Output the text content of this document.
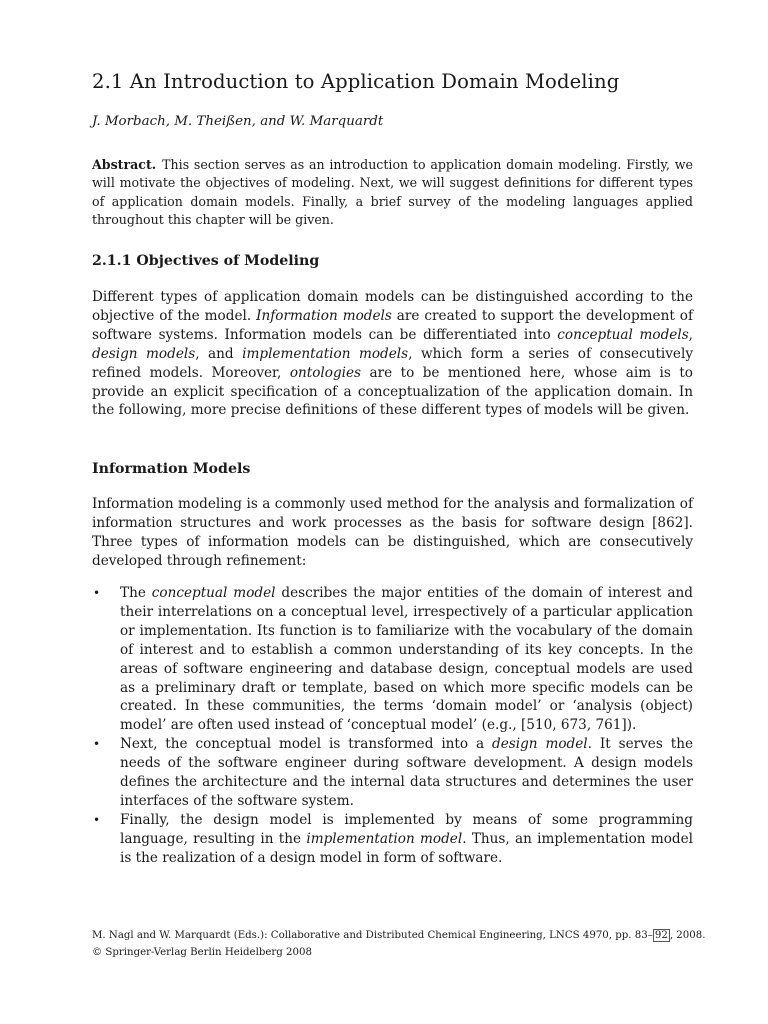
2.1 An Introduction to Application Domain Modeling

J. Morbach, M. Theißen, and W. Marquardt

Abstract. This section serves as an introduction to application domain modeling. Firstly, we will motivate the objectives of modeling. Next, we will suggest definitions for different types of application domain models. Finally, a brief survey of the modeling languages applied throughout this chapter will be given.

2.1.1 Objectives of Modeling

Different types of application domain models can be distinguished according to the objective of the model. Information models are created to support the development of software systems. Information models can be differentiated into conceptual models, design models, and implementation models, which form a series of consecutively refined models. Moreover, ontologies are to be mentioned here, whose aim is to provide an explicit specification of a conceptualization of the application domain. In the following, more precise definitions of these different types of models will be given.

Information Models

Information modeling is a commonly used method for the analysis and formalization of information structures and work processes as the basis for software design [862]. Three types of information models can be distinguished, which are consecutively developed through refinement:

• The conceptual model describes the major entities of the domain of interest and their interrelations on a conceptual level, irrespectively of a particular application or implementation. Its function is to familiarize with the vocabulary of the domain of interest and to establish a common understanding of its key concepts. In the areas of software engineering and database design, conceptual models are used as a preliminary draft or template, based on which more specific models can be created. In these communities, the terms ‘domain model’ or ‘analysis (object) model’ are often used instead of ‘conceptual model’ (e.g., [510, 673, 761]).
• Next, the conceptual model is transformed into a design model. It serves the needs of the software engineer during software development. A design models defines the architecture and the internal data structures and determines the user interfaces of the software system.
• Finally, the design model is implemented by means of some programming language, resulting in the implementation model. Thus, an implementation model is the realization of a design model in form of software.
M. Nagl and W. Marquardt (Eds.): Collaborative and Distributed Chemical Engineering, LNCS 4970, pp. 83– 92 , 2008.
© Springer-Verlag Berlin Heidelberg 2008
